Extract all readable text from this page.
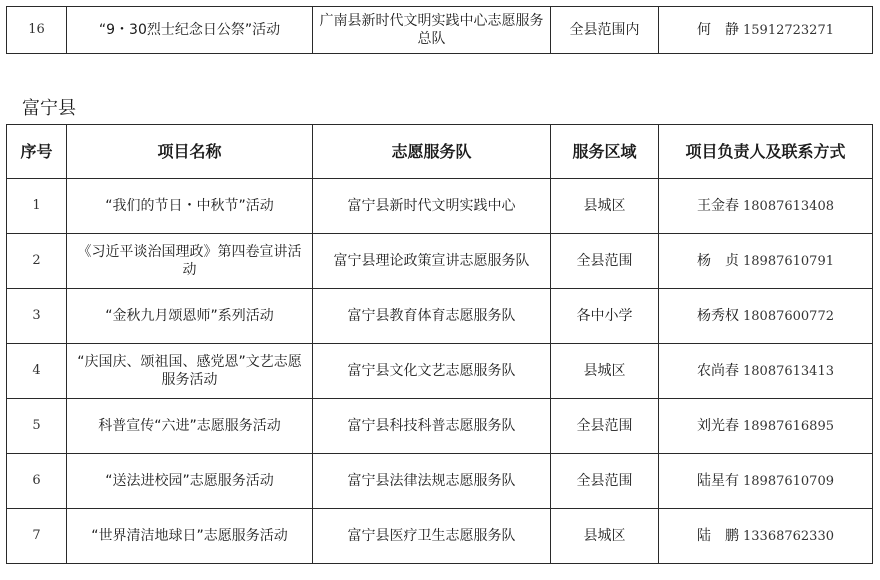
16	“9・30烈士纪念日公祭”活动	广南县新时代文明实践中心志愿服务总队	全县范围内	何　静 15912723271
富宁县
序号	项目名称	志愿服务队	服务区域	项目负责人及联系方式
1	“我们的节日・中秋节”活动	富宁县新时代文明实践中心	县城区	王金春 18087613408
2	《习近平谈治国理政》第四卷宣讲活动	富宁县理论政策宣讲志愿服务队	全县范围	杨　贞 18987610791
3	“金秋九月颂恩师”系列活动	富宁县教育体育志愿服务队	各中小学	杨秀权 18087600772
4	“庆国庆、颂祖国、感党恩”文艺志愿服务活动	富宁县文化文艺志愿服务队	县城区	农尚春 18087613413
5	科普宣传“六进”志愿服务活动	富宁县科技科普志愿服务队	全县范围	刘光春 18987616895
6	“送法进校园”志愿服务活动	富宁县法律法规志愿服务队	全县范围	陆星有 18987610709
7	“世界清洁地球日”志愿服务活动	富宁县医疗卫生志愿服务队	县城区	陆　鹏 13368762330
